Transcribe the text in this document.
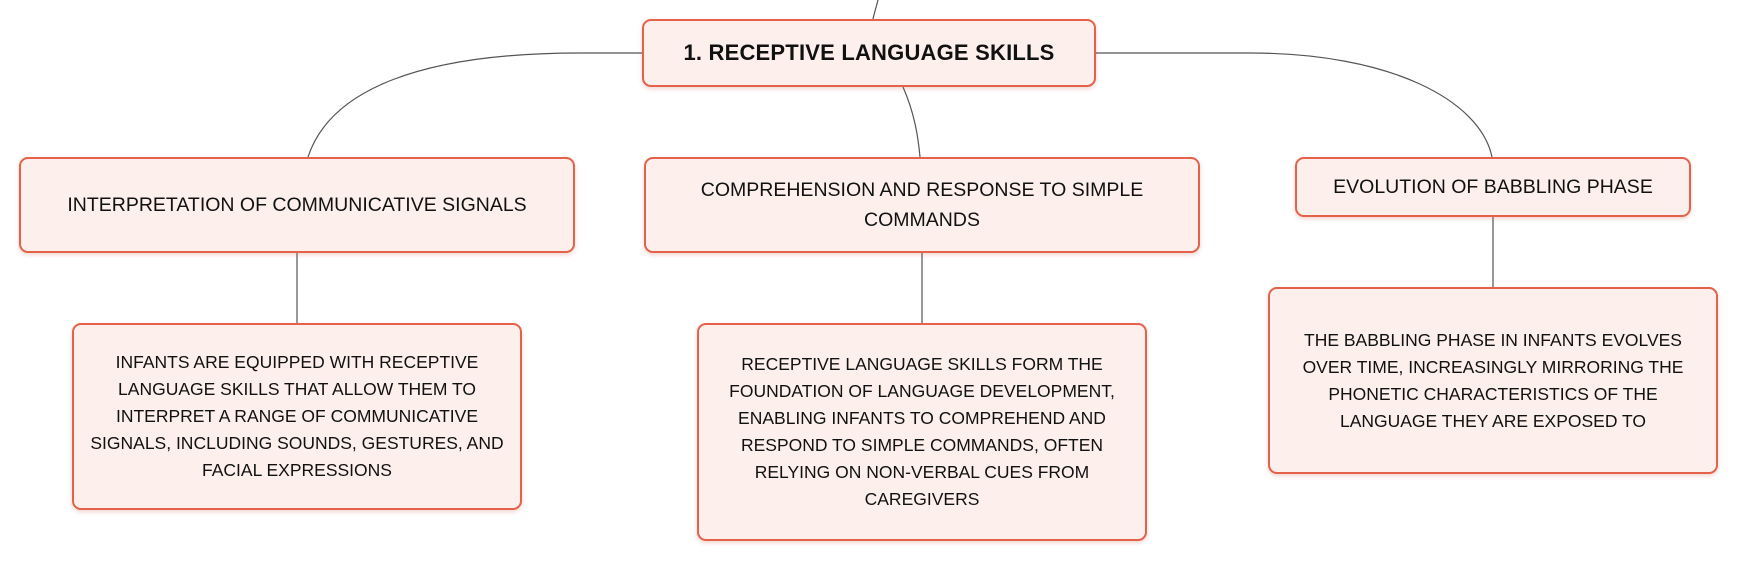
1. RECEPTIVE LANGUAGE SKILLS
INTERPRETATION OF COMMUNICATIVE SIGNALS
COMPREHENSION AND RESPONSE TO SIMPLE COMMANDS
EVOLUTION OF BABBLING PHASE
INFANTS ARE EQUIPPED WITH RECEPTIVE LANGUAGE SKILLS THAT ALLOW THEM TO INTERPRET A RANGE OF COMMUNICATIVE SIGNALS, INCLUDING SOUNDS, GESTURES, AND FACIAL EXPRESSIONS
RECEPTIVE LANGUAGE SKILLS FORM THE FOUNDATION OF LANGUAGE DEVELOPMENT, ENABLING INFANTS TO COMPREHEND AND RESPOND TO SIMPLE COMMANDS, OFTEN RELYING ON NON-VERBAL CUES FROM CAREGIVERS
THE BABBLING PHASE IN INFANTS EVOLVES OVER TIME, INCREASINGLY MIRRORING THE PHONETIC CHARACTERISTICS OF THE LANGUAGE THEY ARE EXPOSED TO
